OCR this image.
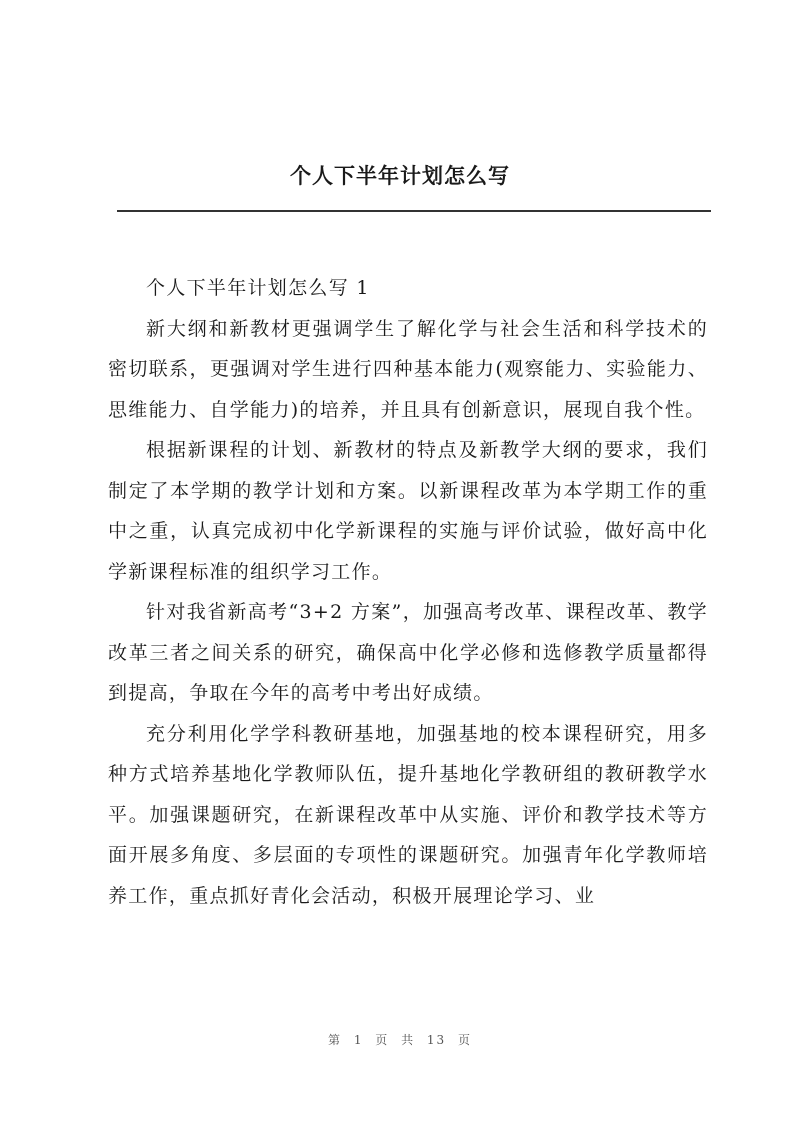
个人下半年计划怎么写

个人下半年计划怎么写 1

新大纲和新教材更强调学生了解化学与社会生活和科学技术的密切联系，更强调对学生进行四种基本能力(观察能力、实验能力、思维能力、自学能力)的培养，并且具有创新意识，展现自我个性。

根据新课程的计划、新教材的特点及新教学大纲的要求，我们制定了本学期的教学计划和方案。以新课程改革为本学期工作的重中之重，认真完成初中化学新课程的实施与评价试验，做好高中化学新课程标准的组织学习工作。

针对我省新高考“3+2 方案”，加强高考改革、课程改革、教学改革三者之间关系的研究，确保高中化学必修和选修教学质量都得到提高，争取在今年的高考中考出好成绩。

充分利用化学学科教研基地，加强基地的校本课程研究，用多种方式培养基地化学教师队伍，提升基地化学教研组的教研教学水平。加强课题研究，在新课程改革中从实施、评价和教学技术等方面开展多角度、多层面的专项性的课题研究。加强青年化学教师培养工作，重点抓好青化会活动，积极开展理论学习、业

第 1 页 共 13 页
